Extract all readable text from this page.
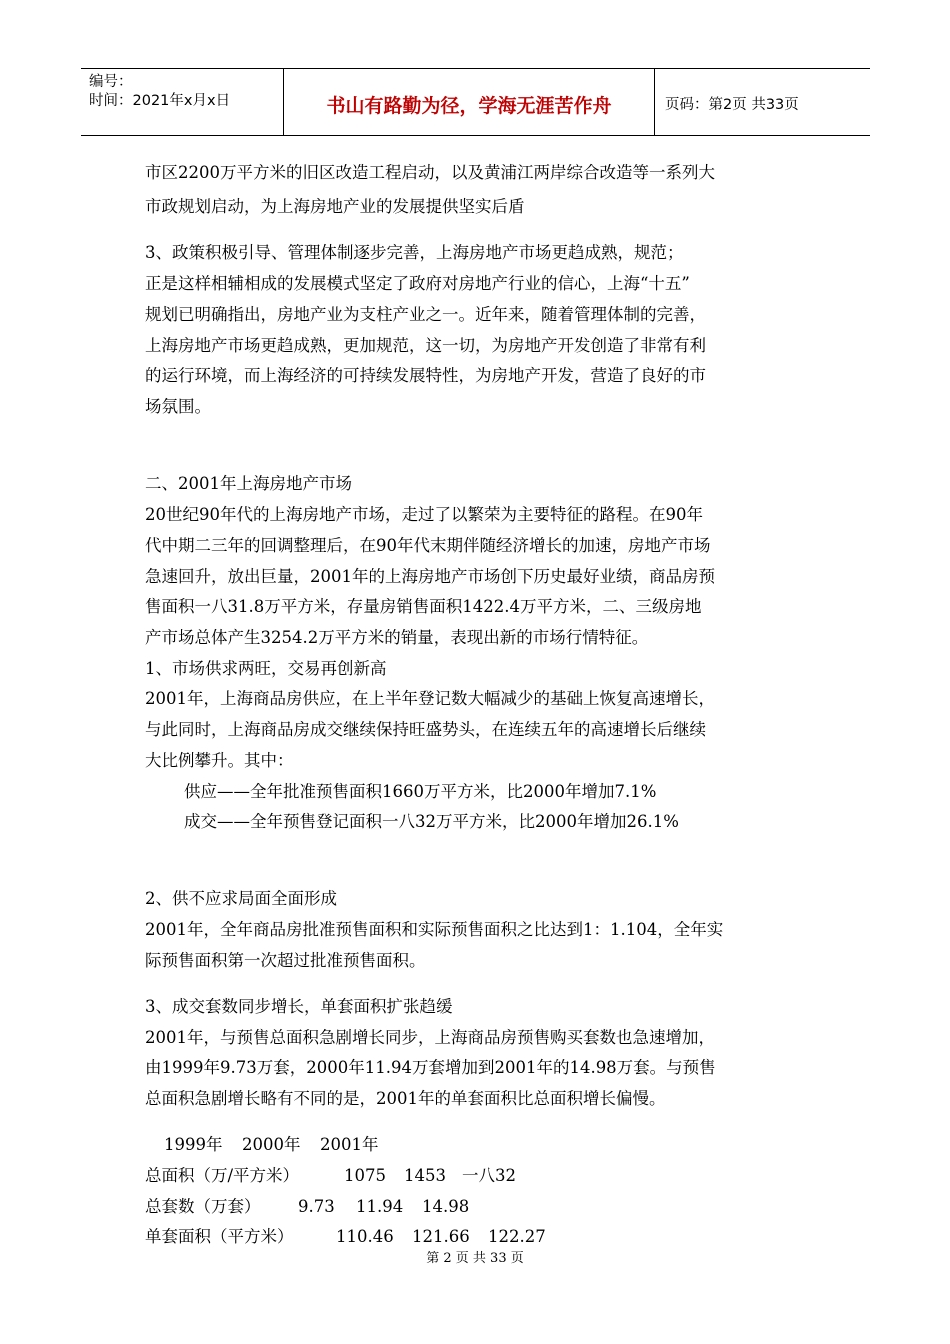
编号：
时间：2021年x月x日	书山有路勤为径，学海无涯苦作舟	页码：第2页 共33页
市区2200万平方米的旧区改造工程启动，以及黄浦江两岸综合改造等一系列大
市政规划启动，为上海房地产业的发展提供坚实后盾
3、政策积极引导、管理体制逐步完善，上海房地产市场更趋成熟，规范；
正是这样相辅相成的发展模式坚定了政府对房地产行业的信心，上海“十五”
规划已明确指出，房地产业为支柱产业之一。近年来，随着管理体制的完善，
上海房地产市场更趋成熟，更加规范，这一切，为房地产开发创造了非常有利
的运行环境，而上海经济的可持续发展特性，为房地产开发，营造了良好的市
场氛围。
二、2001年上海房地产市场
20世纪90年代的上海房地产市场，走过了以繁荣为主要特征的路程。在90年
代中期二三年的回调整理后，在90年代末期伴随经济增长的加速，房地产市场
急速回升，放出巨量，2001年的上海房地产市场创下历史最好业绩，商品房预
售面积一八31.8万平方米，存量房销售面积1422.4万平方米，二、三级房地
产市场总体产生3254.2万平方米的销量，表现出新的市场行情特征。
1、市场供求两旺，交易再创新高
2001年，上海商品房供应，在上半年登记数大幅减少的基础上恢复高速增长，
与此同时，上海商品房成交继续保持旺盛势头，在连续五年的高速增长后继续
大比例攀升。其中：
供应——全年批准预售面积1660万平方米，比2000年增加7.1%
成交——全年预售登记面积一八32万平方米，比2000年增加26.1%
2、供不应求局面全面形成
2001年，全年商品房批准预售面积和实际预售面积之比达到1：1.104，全年实
际预售面积第一次超过批准预售面积。
3、成交套数同步增长，单套面积扩张趋缓
2001年，与预售总面积急剧增长同步，上海商品房预售购买套数也急速增加，
由1999年9.73万套，2000年11.94万套增加到2001年的14.98万套。与预售
总面积急剧增长略有不同的是，2001年的单套面积比总面积增长偏慢。
1999年 2000年 2001年
总面积（万/平方米）	1075 1453 一八32
总套数（万套） 9.73 11.94 14.98
单套面积（平方米）	110.46 121.66 122.27
第 2 页 共 33 页
